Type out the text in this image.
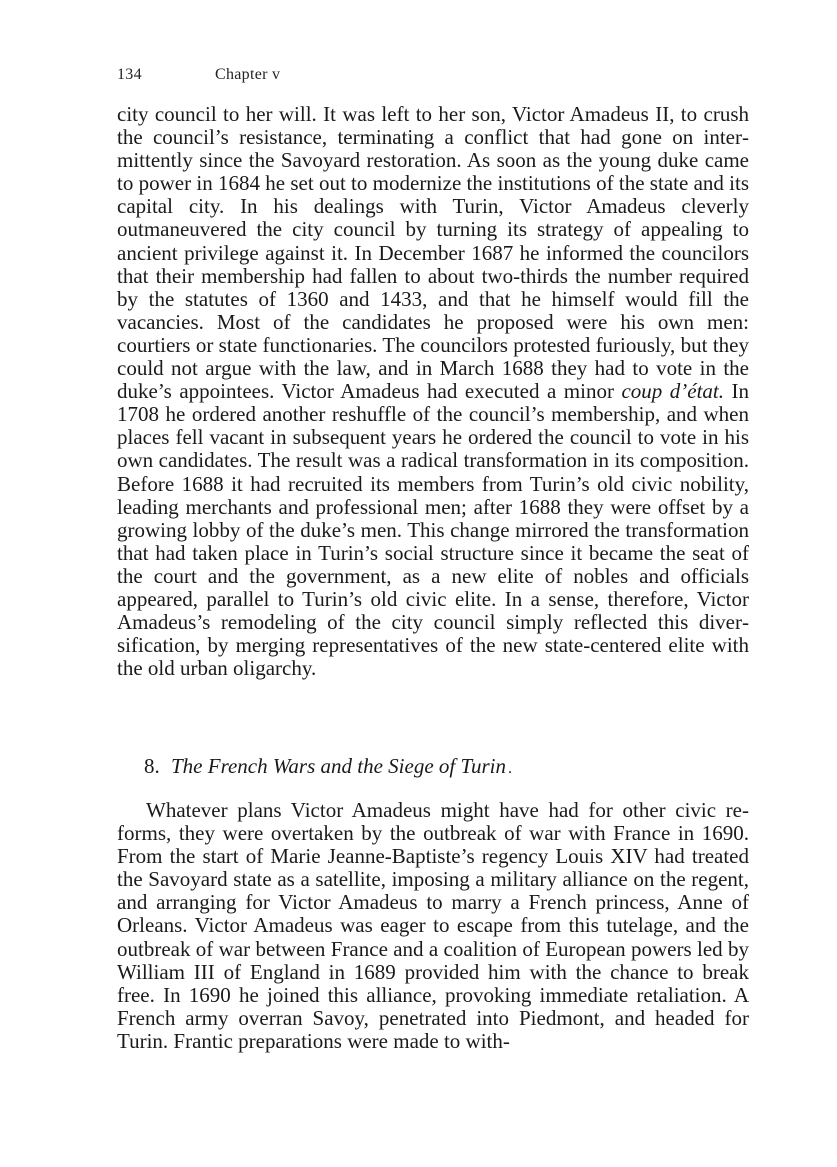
134	Chapter v

city council to her will. It was left to her son, Victor Amadeus II, to crush the council’s resistance, terminating a conflict that had gone on intermittently since the Savoyard restoration. As soon as the young duke came to power in 1684 he set out to modernize the institutions of the state and its capital city. In his dealings with Turin, Victor Amadeus cleverly outmaneuvered the city council by turning its strategy of appealing to ancient privilege against it. In December 1687 he informed the councilors that their membership had fallen to about two-thirds the number required by the statutes of 1360 and 1433, and that he himself would fill the vacancies. Most of the candidates he proposed were his own men: courtiers or state functionaries. The councilors protested furiously, but they could not argue with the law, and in March 1688 they had to vote in the duke’s appointees. Victor Amadeus had executed a minor coup d’état. In 1708 he ordered another reshuffle of the council’s membership, and when places fell vacant in subsequent years he ordered the council to vote in his own candidates. The result was a radical transformation in its composition. Before 1688 it had recruited its members from Turin’s old civic nobility, leading merchants and professional men; after 1688 they were offset by a growing lobby of the duke’s men. This change mirrored the transformation that had taken place in Turin’s social structure since it became the seat of the court and the government, as a new elite of nobles and officials appeared, parallel to Turin’s old civic elite. In a sense, therefore, Victor Amadeus’s remodeling of the city council simply reflected this diversification, by merging representatives of the new state-centered elite with the old urban oligarchy.

8. The French Wars and the Siege of Turin .

Whatever plans Victor Amadeus might have had for other civic reforms, they were overtaken by the outbreak of war with France in 1690. From the start of Marie Jeanne-Baptiste’s regency Louis XIV had treated the Savoyard state as a satellite, imposing a military alliance on the regent, and arranging for Victor Amadeus to marry a French princess, Anne of Orleans. Victor Amadeus was eager to escape from this tutelage, and the outbreak of war between France and a coalition of European powers led by William III of England in 1689 provided him with the chance to break free. In 1690 he joined this alliance, provoking immediate retaliation. A French army overran Savoy, penetrated into Piedmont, and headed for Turin. Frantic preparations were made to with-
